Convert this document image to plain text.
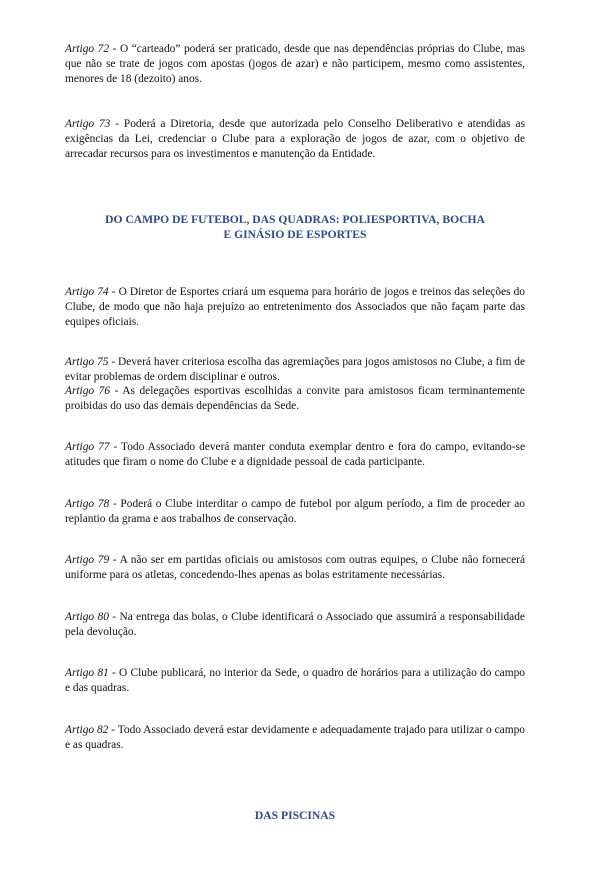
Artigo 72 - O “carteado” poderá ser praticado, desde que nas dependências próprias do Clube, mas que não se trate de jogos com apostas (jogos de azar) e não participem, mesmo como assistentes, menores de 18 (dezoito) anos.

Artigo 73 - Poderá a Diretoria, desde que autorizada pelo Conselho Deliberativo e atendidas as exigências da Lei, credenciar o Clube para a exploração de jogos de azar, com o objetivo de arrecadar recursos para os investimentos e manutenção da Entidade.

DO CAMPO DE FUTEBOL, DAS QUADRAS: POLIESPORTIVA, BOCHA
E GINÁSIO DE ESPORTES

Artigo 74 - O Diretor de Esportes criará um esquema para horário de jogos e treinos das seleções do Clube, de modo que não haja prejuízo ao entretenimento dos Associados que não façam parte das equipes oficiais.

Artigo 75 - Deverá haver criteriosa escolha das agremiações para jogos amistosos no Clube, a fim de evitar problemas de ordem disciplinar e outros.

Artigo 76 - As delegações esportivas escolhidas a convite para amistosos ficam terminantemente proibidas do uso das demais dependências da Sede.

Artigo 77 - Todo Associado deverá manter conduta exemplar dentro e fora do campo, evitando-se atitudes que firam o nome do Clube e a dignidade pessoal de cada participante.

Artigo 78 - Poderá o Clube interditar o campo de futebol por algum período, a fim de proceder ao replantio da grama e aos trabalhos de conservação.

Artigo 79 - A não ser em partidas oficiais ou amistosos com outras equipes, o Clube não fornecerá uniforme para os atletas, concedendo-lhes apenas as bolas estritamente necessárias.

Artigo 80 - Na entrega das bolas, o Clube identificará o Associado que assumirá a responsabilidade pela devolução.

Artigo 81 - O Clube publicará, no interior da Sede, o quadro de horários para a utilização do campo e das quadras.

Artigo 82 - Todo Associado deverá estar devidamente e adequadamente trajado para utilizar o campo e as quadras.

DAS PISCINAS
